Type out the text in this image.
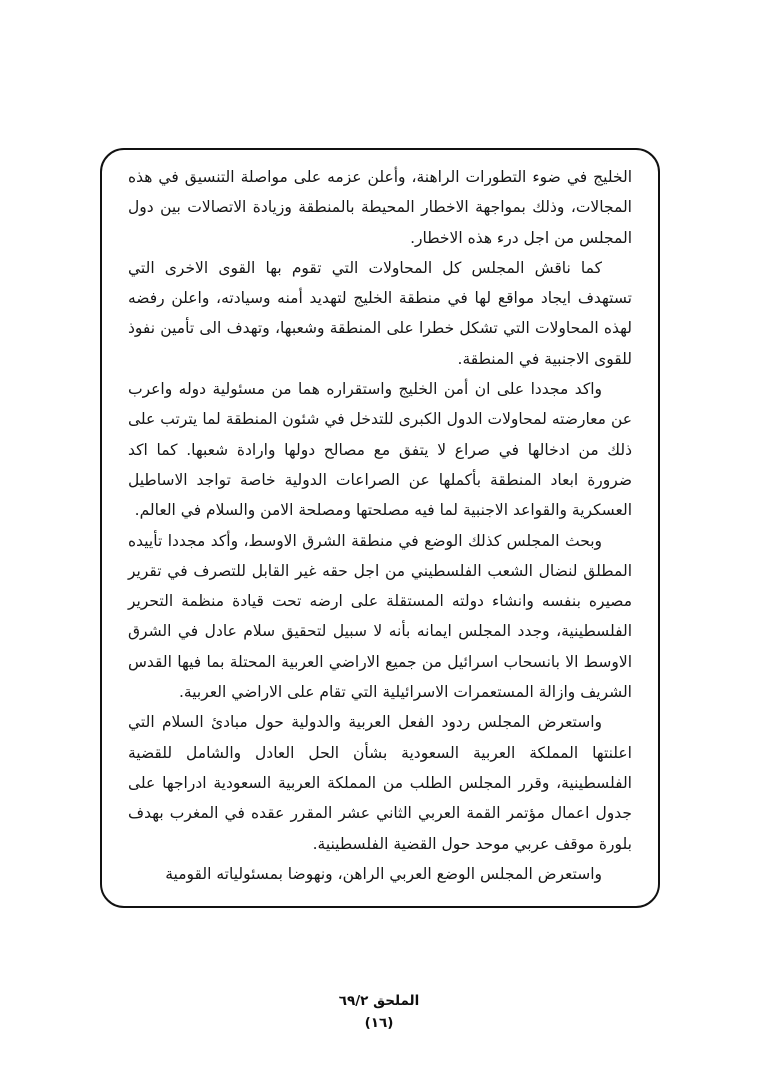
الخليج في ضوء التطورات الراهنة، وأعلن عزمه على مواصلة التنسيق في هذه المجالات، وذلك بمواجهة الاخطار المحيطة بالمنطقة وزيادة الاتصالات بين دول المجلس من اجل درء هذه الاخطار.

كما ناقش المجلس كل المحاولات التي تقوم بها القوى الاخرى التي تستهدف ايجاد مواقع لها في منطقة الخليج لتهديد أمنه وسيادته، واعلن رفضه لهذه المحاولات التي تشكل خطرا على المنطقة وشعبها، وتهدف الى تأمين نفوذ للقوى الاجنبية في المنطقة.

واكد مجددا على ان أمن الخليج واستقراره هما من مسئولية دوله واعرب عن معارضته لمحاولات الدول الكبرى للتدخل في شئون المنطقة لما يترتب على ذلك من ادخالها في صراع لا يتفق مع مصالح دولها وارادة شعبها. كما اكد ضرورة ابعاد المنطقة بأكملها عن الصراعات الدولية خاصة تواجد الاساطيل العسكرية والقواعد الاجنبية لما فيه مصلحتها ومصلحة الامن والسلام في العالم.

وبحث المجلس كذلك الوضع في منطقة الشرق الاوسط، وأكد مجددا تأييده المطلق لنضال الشعب الفلسطيني من اجل حقه غير القابل للتصرف في تقرير مصيره بنفسه وانشاء دولته المستقلة على ارضه تحت قيادة منظمة التحرير الفلسطينية، وجدد المجلس ايمانه بأنه لا سبيل لتحقيق سلام عادل في الشرق الاوسط الا بانسحاب اسرائيل من جميع الاراضي العربية المحتلة بما فيها القدس الشريف وازالة المستعمرات الاسرائيلية التي تقام على الاراضي العربية.

واستعرض المجلس ردود الفعل العربية والدولية حول مبادئ السلام التي اعلنتها المملكة العربية السعودية بشأن الحل العادل والشامل للقضية الفلسطينية، وقرر المجلس الطلب من المملكة العربية السعودية ادراجها على جدول اعمال مؤتمر القمة العربي الثاني عشر المقرر عقده في المغرب بهدف بلورة موقف عربي موحد حول القضية الفلسطينية.

واستعرض المجلس الوضع العربي الراهن، ونهوضا بمسئولياته القومية

الملحق ٦٩/٢
(١٦)
